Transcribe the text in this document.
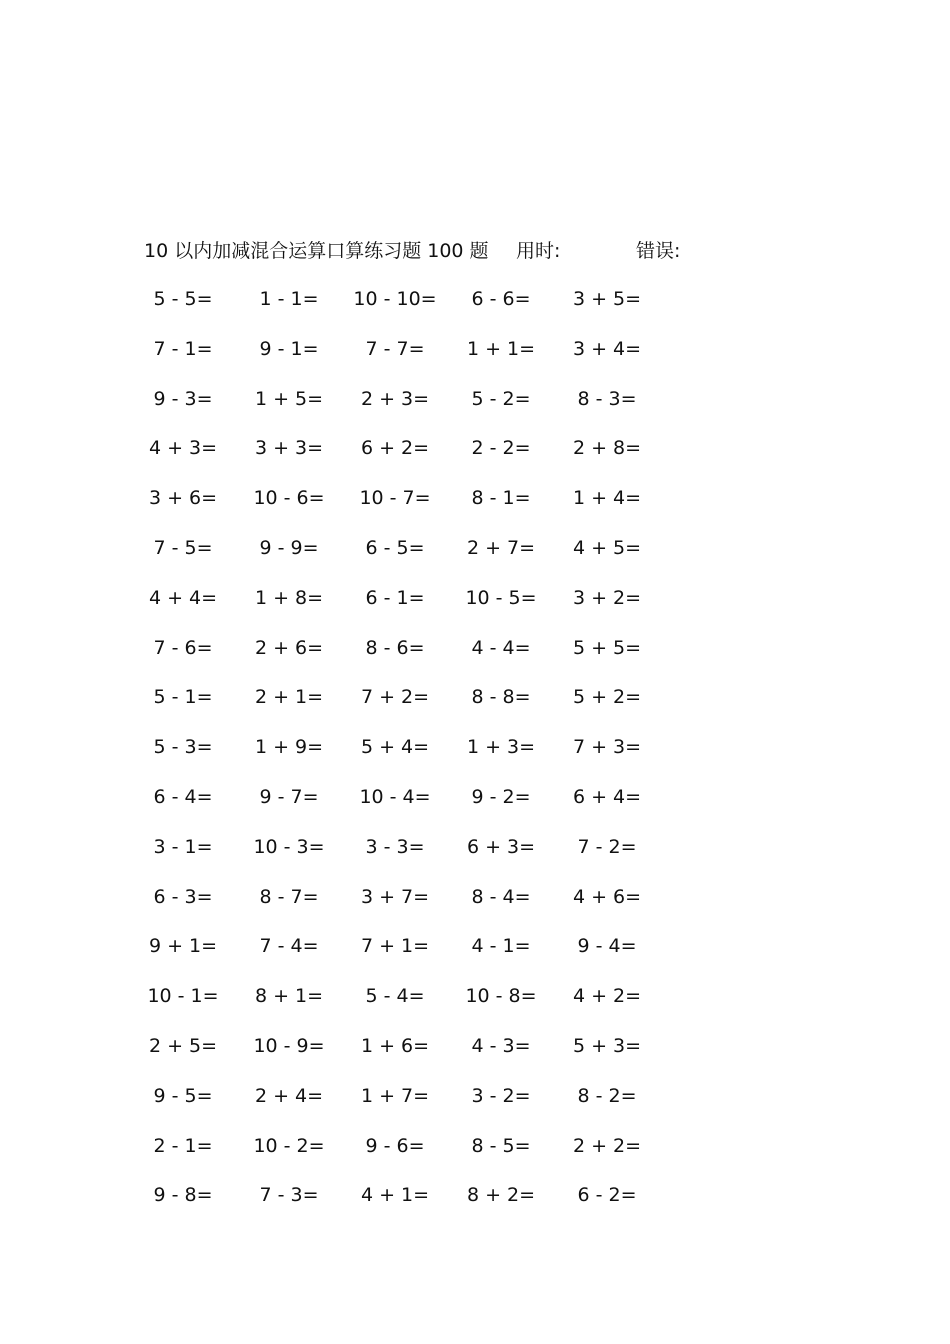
10 以内加减混合运算口算练习题 100 题 用时:	错误:
5 - 5=	1 - 1=	10 - 10=	6 - 6=	3 + 5=
7 - 1=	9 - 1=	7 - 7=	1 + 1=	3 + 4=
9 - 3=	1 + 5=	2 + 3=	5 - 2=	8 - 3=
4 + 3=	3 + 3=	6 + 2=	2 - 2=	2 + 8=
3 + 6=	10 - 6=	10 - 7=	8 - 1=	1 + 4=
7 - 5=	9 - 9=	6 - 5=	2 + 7=	4 + 5=
4 + 4=	1 + 8=	6 - 1=	10 - 5=	3 + 2=
7 - 6=	2 + 6=	8 - 6=	4 - 4=	5 + 5=
5 - 1=	2 + 1=	7 + 2=	8 - 8=	5 + 2=
5 - 3=	1 + 9=	5 + 4=	1 + 3=	7 + 3=
6 - 4=	9 - 7=	10 - 4=	9 - 2=	6 + 4=
3 - 1=	10 - 3=	3 - 3=	6 + 3=	7 - 2=
6 - 3=	8 - 7=	3 + 7=	8 - 4=	4 + 6=
9 + 1=	7 - 4=	7 + 1=	4 - 1=	9 - 4=
10 - 1=	8 + 1=	5 - 4=	10 - 8=	4 + 2=
2 + 5=	10 - 9=	1 + 6=	4 - 3=	5 + 3=
9 - 5=	2 + 4=	1 + 7=	3 - 2=	8 - 2=
2 - 1=	10 - 2=	9 - 6=	8 - 5=	2 + 2=
9 - 8=	7 - 3=	4 + 1=	8 + 2=	6 - 2=
